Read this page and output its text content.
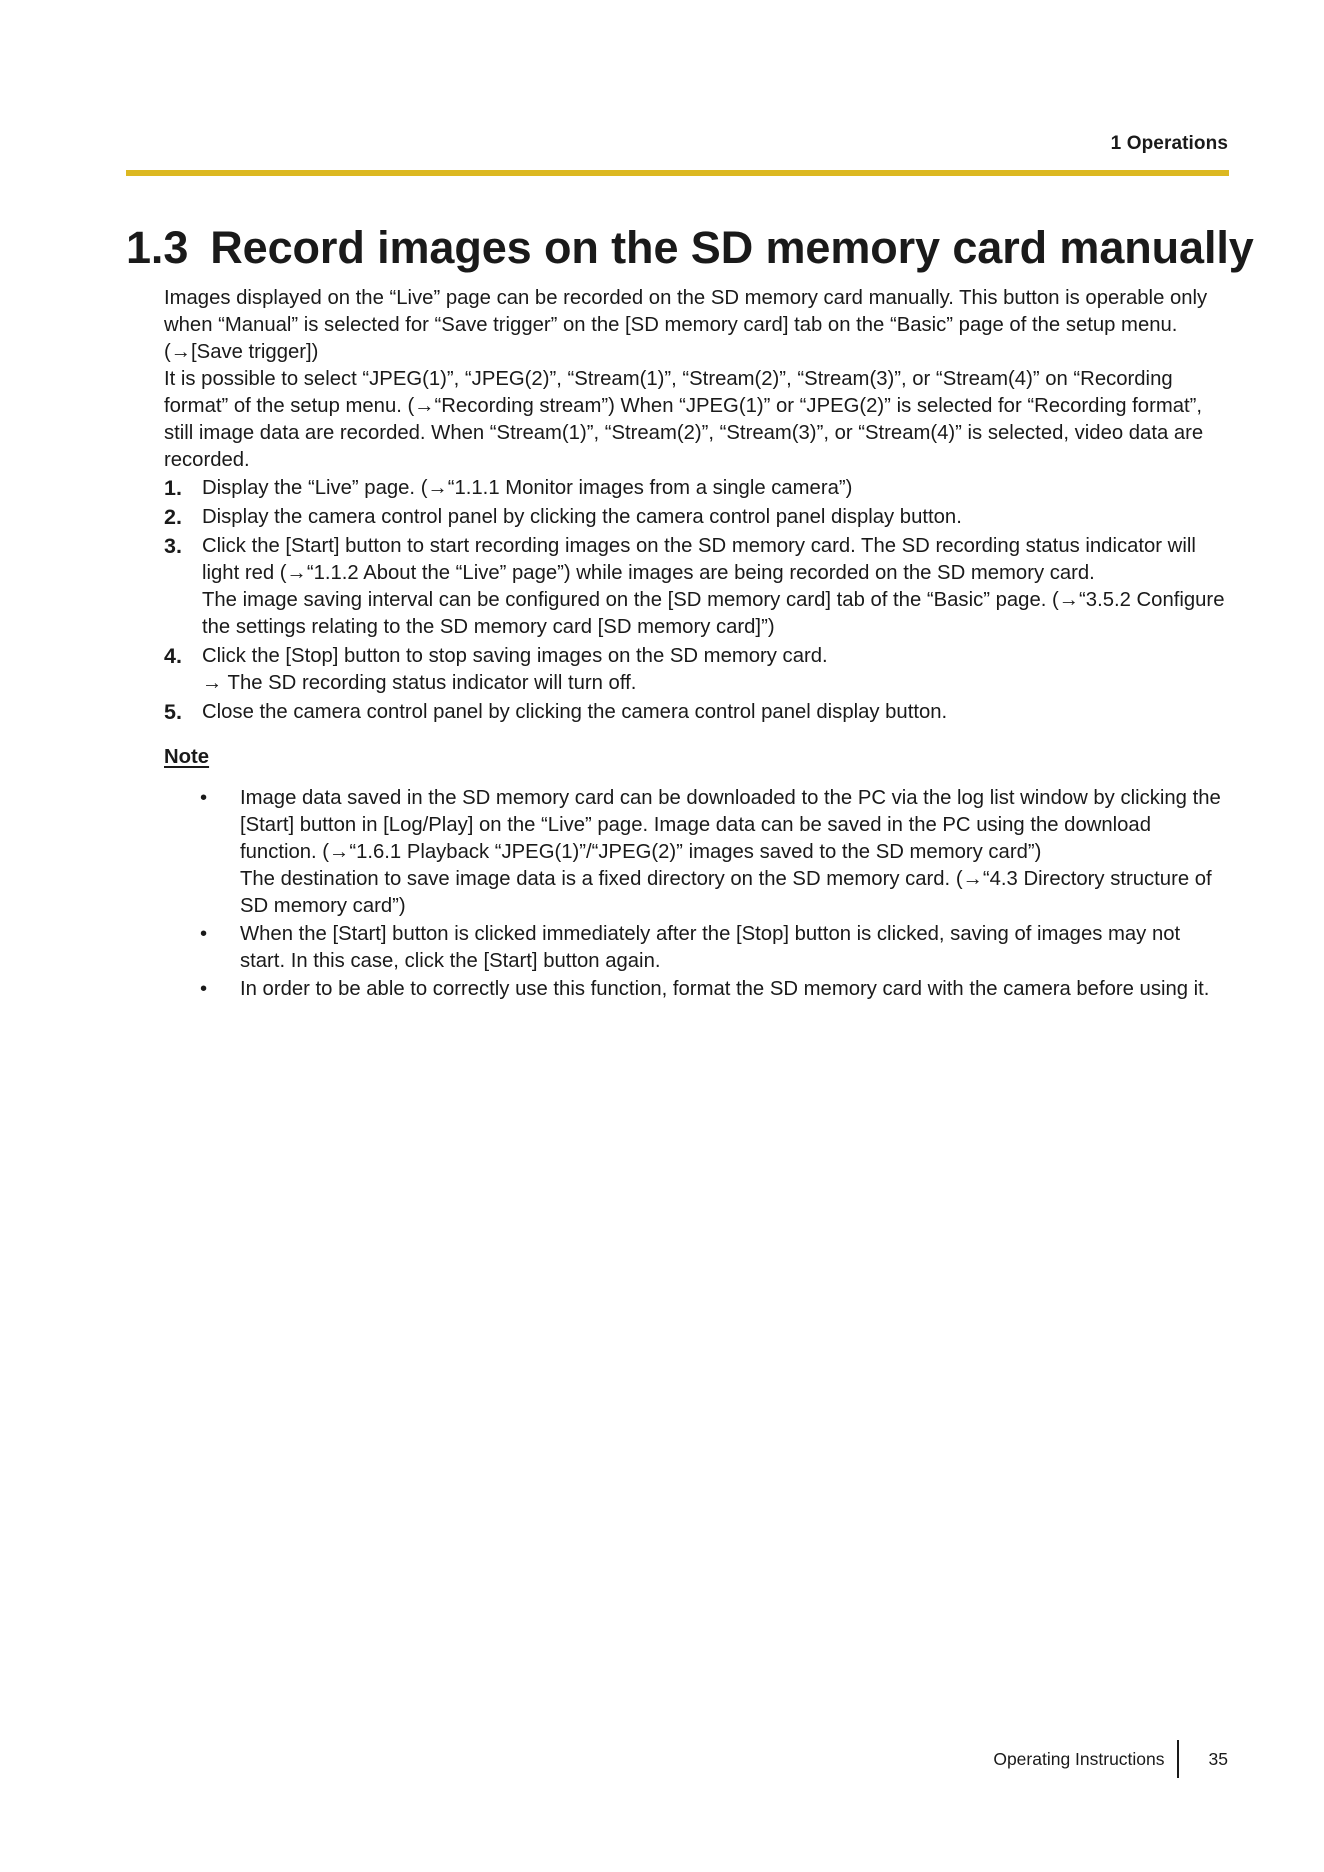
1 Operations
1.3 Record images on the SD memory card manually

Images displayed on the “Live” page can be recorded on the SD memory card manually. This button is operable only when “Manual” is selected for “Save trigger” on the [SD memory card] tab on the “Basic” page of the setup menu. (→[Save trigger])

It is possible to select “JPEG(1)”, “JPEG(2)”, “Stream(1)”, “Stream(2)”, “Stream(3)”, or “Stream(4)” on “Recording format” of the setup menu. (→“Recording stream”) When “JPEG(1)” or “JPEG(2)” is selected for “Recording format”, still image data are recorded. When “Stream(1)”, “Stream(2)”, “Stream(3)”, or “Stream(4)” is selected, video data are recorded.

1. Display the “Live” page. (→“1.1.1 Monitor images from a single camera”)
2. Display the camera control panel by clicking the camera control panel display button.
3. Click the [Start] button to start recording images on the SD memory card. The SD recording status indicator will light red (→“1.1.2 About the “Live” page”) while images are being recorded on the SD memory card.
The image saving interval can be configured on the [SD memory card] tab of the “Basic” page. (→“3.5.2 Configure the settings relating to the SD memory card [SD memory card]”)
4. Click the [Stop] button to stop saving images on the SD memory card.
→ The SD recording status indicator will turn off.
5. Close the camera control panel by clicking the camera control panel display button.
Note
• Image data saved in the SD memory card can be downloaded to the PC via the log list window by clicking the [Start] button in [Log/Play] on the “Live” page. Image data can be saved in the PC using the download function. (→“1.6.1 Playback “JPEG(1)”/“JPEG(2)” images saved to the SD memory card”)

The destination to save image data is a fixed directory on the SD memory card. (→“4.3 Directory structure of SD memory card”)

• When the [Start] button is clicked immediately after the [Stop] button is clicked, saving of images may not start. In this case, click the [Start] button again.

• In order to be able to correctly use this function, format the SD memory card with the camera before using it.

Operating Instructions	35
